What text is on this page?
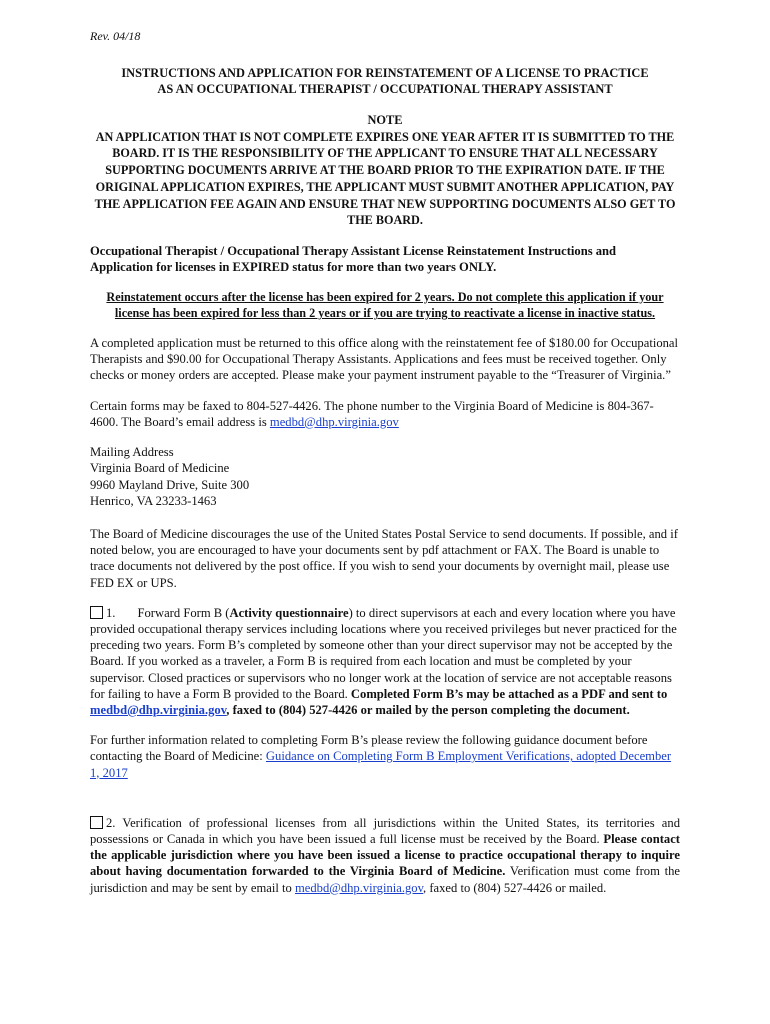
Rev. 04/18
INSTRUCTIONS AND APPLICATION FOR REINSTATEMENT OF A LICENSE TO PRACTICE
AS AN OCCUPATIONAL THERAPIST / OCCUPATIONAL THERAPY ASSISTANT
NOTE
AN APPLICATION THAT IS NOT COMPLETE EXPIRES ONE YEAR AFTER IT IS SUBMITTED TO THE BOARD. IT IS THE RESPONSIBILITY OF THE APPLICANT TO ENSURE THAT ALL NECESSARY SUPPORTING DOCUMENTS ARRIVE AT THE BOARD PRIOR TO THE EXPIRATION DATE. IF THE ORIGINAL APPLICATION EXPIRES, THE APPLICANT MUST SUBMIT ANOTHER APPLICATION, PAY THE APPLICATION FEE AGAIN AND ENSURE THAT NEW SUPPORTING DOCUMENTS ALSO GET TO THE BOARD.
Occupational Therapist / Occupational Therapy Assistant License Reinstatement Instructions and Application for licenses in EXPIRED status for more than two years ONLY.
Reinstatement occurs after the license has been expired for 2 years. Do not complete this application if your license has been expired for less than 2 years or if you are trying to reactivate a license in inactive status.

A completed application must be returned to this office along with the reinstatement fee of $180.00 for Occupational Therapists and $90.00 for Occupational Therapy Assistants. Applications and fees must be received together. Only checks or money orders are accepted. Please make your payment instrument payable to the “Treasurer of Virginia.”

Certain forms may be faxed to 804-527-4426. The phone number to the Virginia Board of Medicine is 804-367-4600. The Board’s email address is medbd@dhp.virginia.gov

Mailing Address
Virginia Board of Medicine
9960 Mayland Drive, Suite 300
Henrico, VA 23233-1463

The Board of Medicine discourages the use of the United States Postal Service to send documents. If possible, and if noted below, you are encouraged to have your documents sent by pdf attachment or FAX. The Board is unable to trace documents not delivered by the post office. If you wish to send your documents by overnight mail, please use FED EX or UPS.

1. Forward Form B (Activity questionnaire) to direct supervisors at each and every location where you have provided occupational therapy services including locations where you received privileges but never practiced for the preceding two years. Form B’s completed by someone other than your direct supervisor may not be accepted by the Board. If you worked as a traveler, a Form B is required from each location and must be completed by your supervisor. Closed practices or supervisors who no longer work at the location of service are not acceptable reasons for failing to have a Form B provided to the Board. Completed Form B’s may be attached as a PDF and sent to medbd@dhp.virginia.gov, faxed to (804) 527-4426 or mailed by the person completing the document.

For further information related to completing Form B’s please review the following guidance document before contacting the Board of Medicine: Guidance on Completing Form B Employment Verifications, adopted December 1, 2017

2. Verification of professional licenses from all jurisdictions within the United States, its territories and possessions or Canada in which you have been issued a full license must be received by the Board. Please contact the applicable jurisdiction where you have been issued a license to practice occupational therapy to inquire about having documentation forwarded to the Virginia Board of Medicine. Verification must come from the jurisdiction and may be sent by email to medbd@dhp.virginia.gov, faxed to (804) 527-4426 or mailed.
